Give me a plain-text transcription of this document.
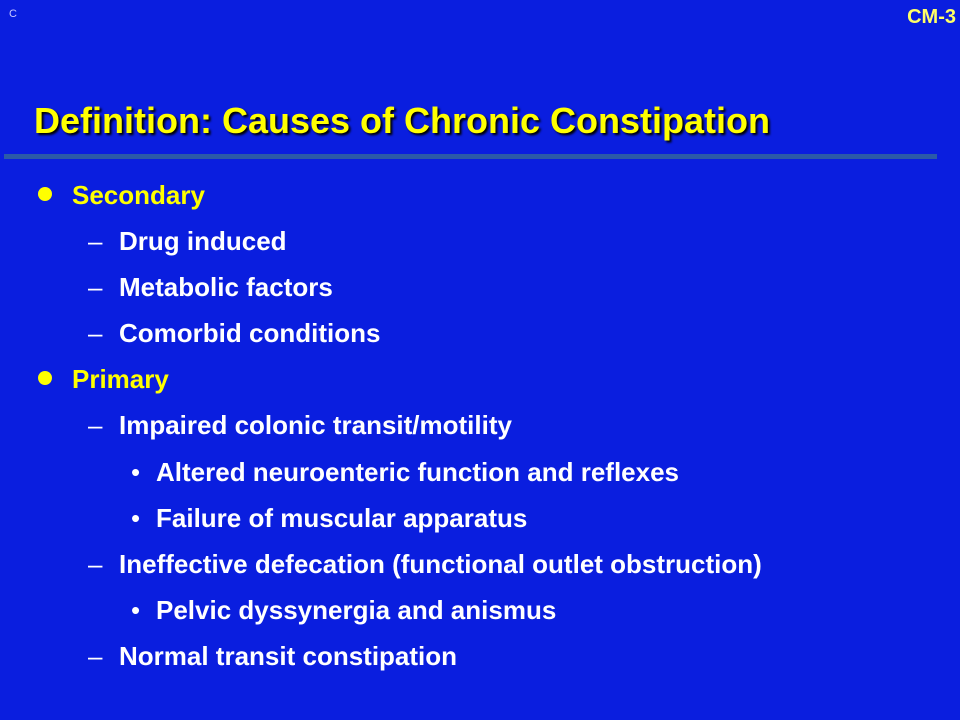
C	CM-3
Definition: Causes of Chronic Constipation
Secondary
– Drug induced
– Metabolic factors
– Comorbid conditions
Primary
– Impaired colonic transit/motility
• Altered neuroenteric function and reflexes
• Failure of muscular apparatus
– Ineffective defecation (functional outlet obstruction)
• Pelvic dyssynergia and anismus
– Normal transit constipation
